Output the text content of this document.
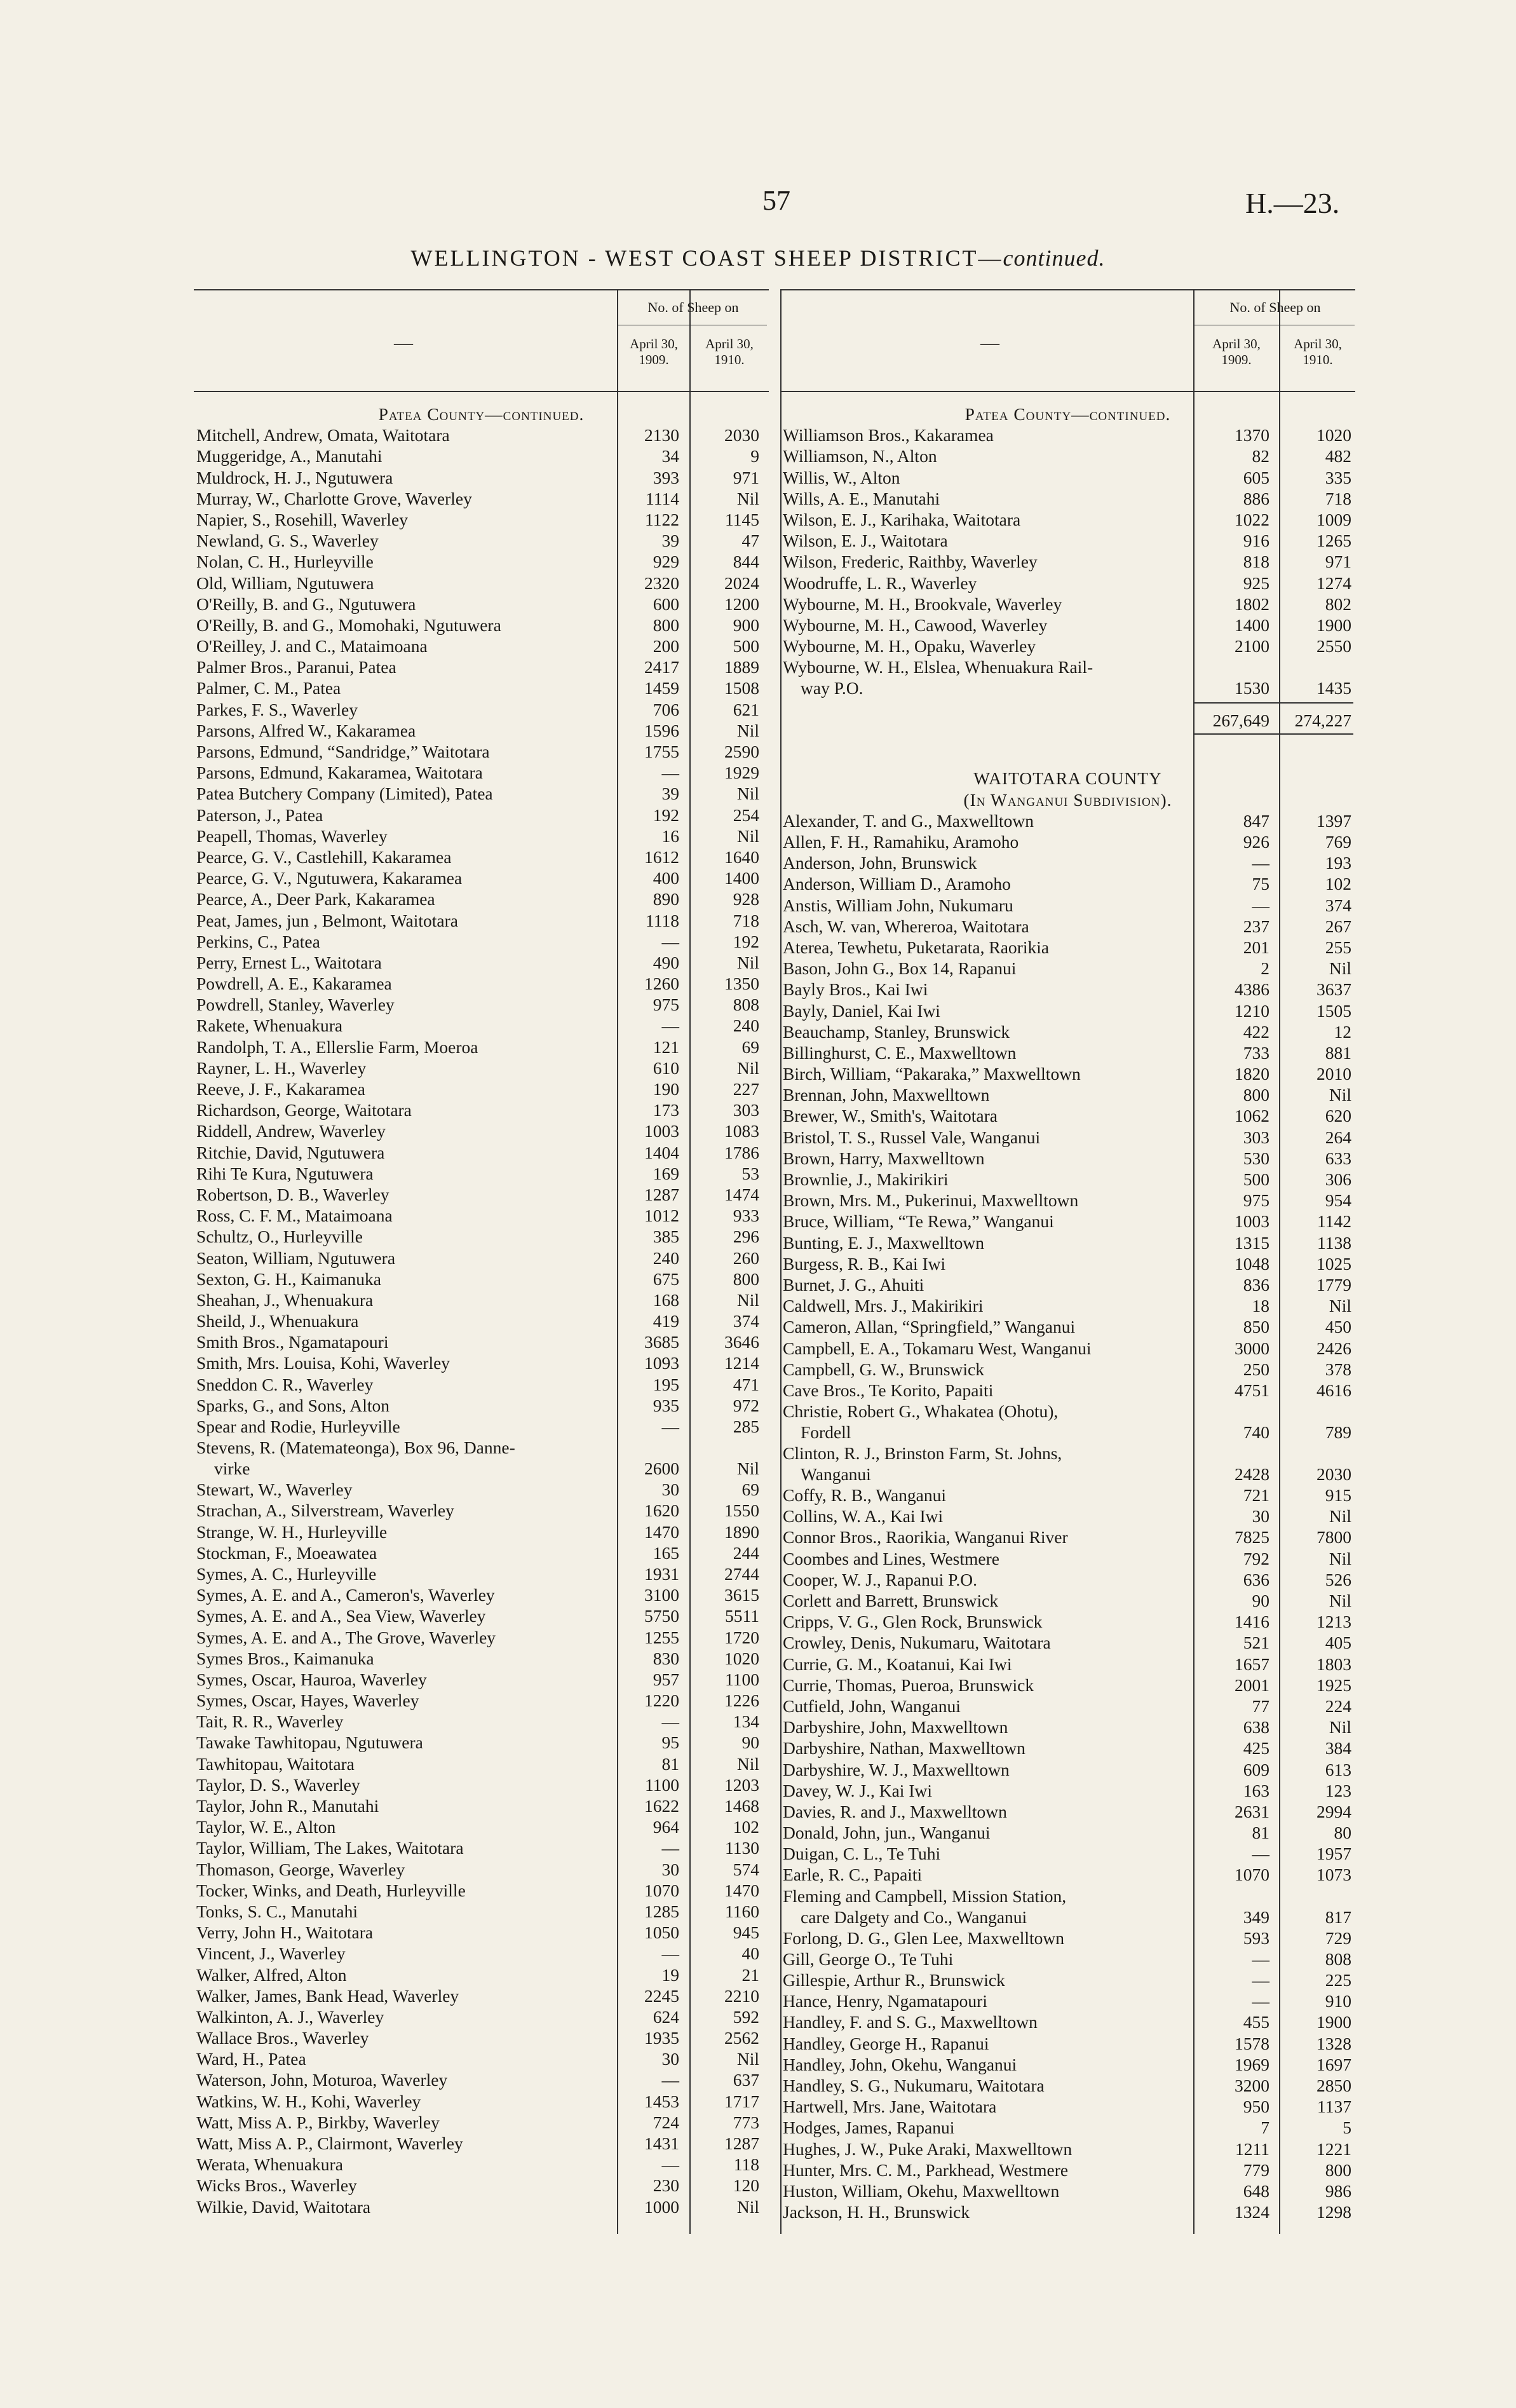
57	H.—23.
WELLINGTON - WEST COAST SHEEP DISTRICT—continued.
—
No. of Sheep on
April 30, 1909.
April 30, 1910.
Patea County—continued.
Mitchell, Andrew, Omata, Waitotara	2130	2030
Muggeridge, A., Manutahi	34	9
Muldrock, H. J., Ngutuwera	393	971
Murray, W., Charlotte Grove, Waverley	1114	Nil
Napier, S., Rosehill, Waverley	1122	1145
Newland, G. S., Waverley	39	47
Nolan, C. H., Hurleyville	929	844
Old, William, Ngutuwera	2320	2024
O'Reilly, B. and G., Ngutuwera	600	1200
O'Reilly, B. and G., Momohaki, Ngutuwera	800	900
O'Reilley, J. and C., Mataimoana	200	500
Palmer Bros., Paranui, Patea	2417	1889
Palmer, C. M., Patea	1459	1508
Parkes, F. S., Waverley	706	621
Parsons, Alfred W., Kakaramea	1596	Nil
Parsons, Edmund, “Sandridge,” Waitotara	1755	2590
Parsons, Edmund, Kakaramea, Waitotara	—	1929
Patea Butchery Company (Limited), Patea	39	Nil
Paterson, J., Patea	192	254
Peapell, Thomas, Waverley	16	Nil
Pearce, G. V., Castlehill, Kakaramea	1612	1640
Pearce, G. V., Ngutuwera, Kakaramea	400	1400
Pearce, A., Deer Park, Kakaramea	890	928
Peat, James, jun , Belmont, Waitotara	1118	718
Perkins, C., Patea	—	192
Perry, Ernest L., Waitotara	490	Nil
Powdrell, A. E., Kakaramea	1260	1350
Powdrell, Stanley, Waverley	975	808
Rakete, Whenuakura	—	240
Randolph, T. A., Ellerslie Farm, Moeroa	121	69
Rayner, L. H., Waverley	610	Nil
Reeve, J. F., Kakaramea	190	227
Richardson, George, Waitotara	173	303
Riddell, Andrew, Waverley	1003	1083
Ritchie, David, Ngutuwera	1404	1786
Rihi Te Kura, Ngutuwera	169	53
Robertson, D. B., Waverley	1287	1474
Ross, C. F. M., Mataimoana	1012	933
Schultz, O., Hurleyville	385	296
Seaton, William, Ngutuwera	240	260
Sexton, G. H., Kaimanuka	675	800
Sheahan, J., Whenuakura	168	Nil
Sheild, J., Whenuakura	419	374
Smith Bros., Ngamatapouri	3685	3646
Smith, Mrs. Louisa, Kohi, Waverley	1093	1214
Sneddon C. R., Waverley	195	471
Sparks, G., and Sons, Alton	935	972
Spear and Rodie, Hurleyville	—	285
Stevens, R. (Matemateonga), Box 96, Danne-
virke	2600	Nil
Stewart, W., Waverley	30	69
Strachan, A., Silverstream, Waverley	1620	1550
Strange, W. H., Hurleyville	1470	1890
Stockman, F., Moeawatea	165	244
Symes, A. C., Hurleyville	1931	2744
Symes, A. E. and A., Cameron's, Waverley	3100	3615
Symes, A. E. and A., Sea View, Waverley	5750	5511
Symes, A. E. and A., The Grove, Waverley	1255	1720
Symes Bros., Kaimanuka	830	1020
Symes, Oscar, Hauroa, Waverley	957	1100
Symes, Oscar, Hayes, Waverley	1220	1226
Tait, R. R., Waverley	—	134
Tawake Tawhitopau, Ngutuwera	95	90
Tawhitopau, Waitotara	81	Nil
Taylor, D. S., Waverley	1100	1203
Taylor, John R., Manutahi	1622	1468
Taylor, W. E., Alton	964	102
Taylor, William, The Lakes, Waitotara	—	1130
Thomason, George, Waverley	30	574
Tocker, Winks, and Death, Hurleyville	1070	1470
Tonks, S. C., Manutahi	1285	1160
Verry, John H., Waitotara	1050	945
Vincent, J., Waverley	—	40
Walker, Alfred, Alton	19	21
Walker, James, Bank Head, Waverley	2245	2210
Walkinton, A. J., Waverley	624	592
Wallace Bros., Waverley	1935	2562
Ward, H., Patea	30	Nil
Waterson, John, Moturoa, Waverley	—	637
Watkins, W. H., Kohi, Waverley	1453	1717
Watt, Miss A. P., Birkby, Waverley	724	773
Watt, Miss A. P., Clairmont, Waverley	1431	1287
Werata, Whenuakura	—	118
Wicks Bros., Waverley	230	120
Wilkie, David, Waitotara	1000	Nil
—
No. of Sheep on
April 30, 1909.
April 30, 1910.
Patea County—continued.
Williamson Bros., Kakaramea	1370	1020
Williamson, N., Alton	82	482
Willis, W., Alton	605	335
Wills, A. E., Manutahi	886	718
Wilson, E. J., Karihaka, Waitotara	1022	1009
Wilson, E. J., Waitotara	916	1265
Wilson, Frederic, Raithby, Waverley	818	971
Woodruffe, L. R., Waverley	925	1274
Wybourne, M. H., Brookvale, Waverley	1802	802
Wybourne, M. H., Cawood, Waverley	1400	1900
Wybourne, M. H., Opaku, Waverley	2100	2550
Wybourne, W. H., Elslea, Whenuakura Rail-
way P.O.	1530	1435
267,649	274,227
WAITOTARA COUNTY
(In Wanganui Subdivision).
Alexander, T. and G., Maxwelltown	847	1397
Allen, F. H., Ramahiku, Aramoho	926	769
Anderson, John, Brunswick	—	193
Anderson, William D., Aramoho	75	102
Anstis, William John, Nukumaru	—	374
Asch, W. van, Whereroa, Waitotara	237	267
Aterea, Tewhetu, Puketarata, Raorikia	201	255
Bason, John G., Box 14, Rapanui	2	Nil
Bayly Bros., Kai Iwi	4386	3637
Bayly, Daniel, Kai Iwi	1210	1505
Beauchamp, Stanley, Brunswick	422	12
Billinghurst, C. E., Maxwelltown	733	881
Birch, William, “Pakaraka,” Maxwelltown	1820	2010
Brennan, John, Maxwelltown	800	Nil
Brewer, W., Smith's, Waitotara	1062	620
Bristol, T. S., Russel Vale, Wanganui	303	264
Brown, Harry, Maxwelltown	530	633
Brownlie, J., Makirikiri	500	306
Brown, Mrs. M., Pukerinui, Maxwelltown	975	954
Bruce, William, “Te Rewa,” Wanganui	1003	1142
Bunting, E. J., Maxwelltown	1315	1138
Burgess, R. B., Kai Iwi	1048	1025
Burnet, J. G., Ahuiti	836	1779
Caldwell, Mrs. J., Makirikiri	18	Nil
Cameron, Allan, “Springfield,” Wanganui	850	450
Campbell, E. A., Tokamaru West, Wanganui	3000	2426
Campbell, G. W., Brunswick	250	378
Cave Bros., Te Korito, Papaiti	4751	4616
Christie, Robert G., Whakatea (Ohotu),
Fordell	740	789
Clinton, R. J., Brinston Farm, St. Johns,
Wanganui	2428	2030
Coffy, R. B., Wanganui	721	915
Collins, W. A., Kai Iwi	30	Nil
Connor Bros., Raorikia, Wanganui River	7825	7800
Coombes and Lines, Westmere	792	Nil
Cooper, W. J., Rapanui P.O.	636	526
Corlett and Barrett, Brunswick	90	Nil
Cripps, V. G., Glen Rock, Brunswick	1416	1213
Crowley, Denis, Nukumaru, Waitotara	521	405
Currie, G. M., Koatanui, Kai Iwi	1657	1803
Currie, Thomas, Pueroa, Brunswick	2001	1925
Cutfield, John, Wanganui	77	224
Darbyshire, John, Maxwelltown	638	Nil
Darbyshire, Nathan, Maxwelltown	425	384
Darbyshire, W. J., Maxwelltown	609	613
Davey, W. J., Kai Iwi	163	123
Davies, R. and J., Maxwelltown	2631	2994
Donald, John, jun., Wanganui	81	80
Duigan, C. L., Te Tuhi	—	1957
Earle, R. C., Papaiti	1070	1073
Fleming and Campbell, Mission Station,
care Dalgety and Co., Wanganui	349	817
Forlong, D. G., Glen Lee, Maxwelltown	593	729
Gill, George O., Te Tuhi	—	808
Gillespie, Arthur R., Brunswick	—	225
Hance, Henry, Ngamatapouri	—	910
Handley, F. and S. G., Maxwelltown	455	1900
Handley, George H., Rapanui	1578	1328
Handley, John, Okehu, Wanganui	1969	1697
Handley, S. G., Nukumaru, Waitotara	3200	2850
Hartwell, Mrs. Jane, Waitotara	950	1137
Hodges, James, Rapanui	7	5
Hughes, J. W., Puke Araki, Maxwelltown	1211	1221
Hunter, Mrs. C. M., Parkhead, Westmere	779	800
Huston, William, Okehu, Maxwelltown	648	986
Jackson, H. H., Brunswick	1324	1298
